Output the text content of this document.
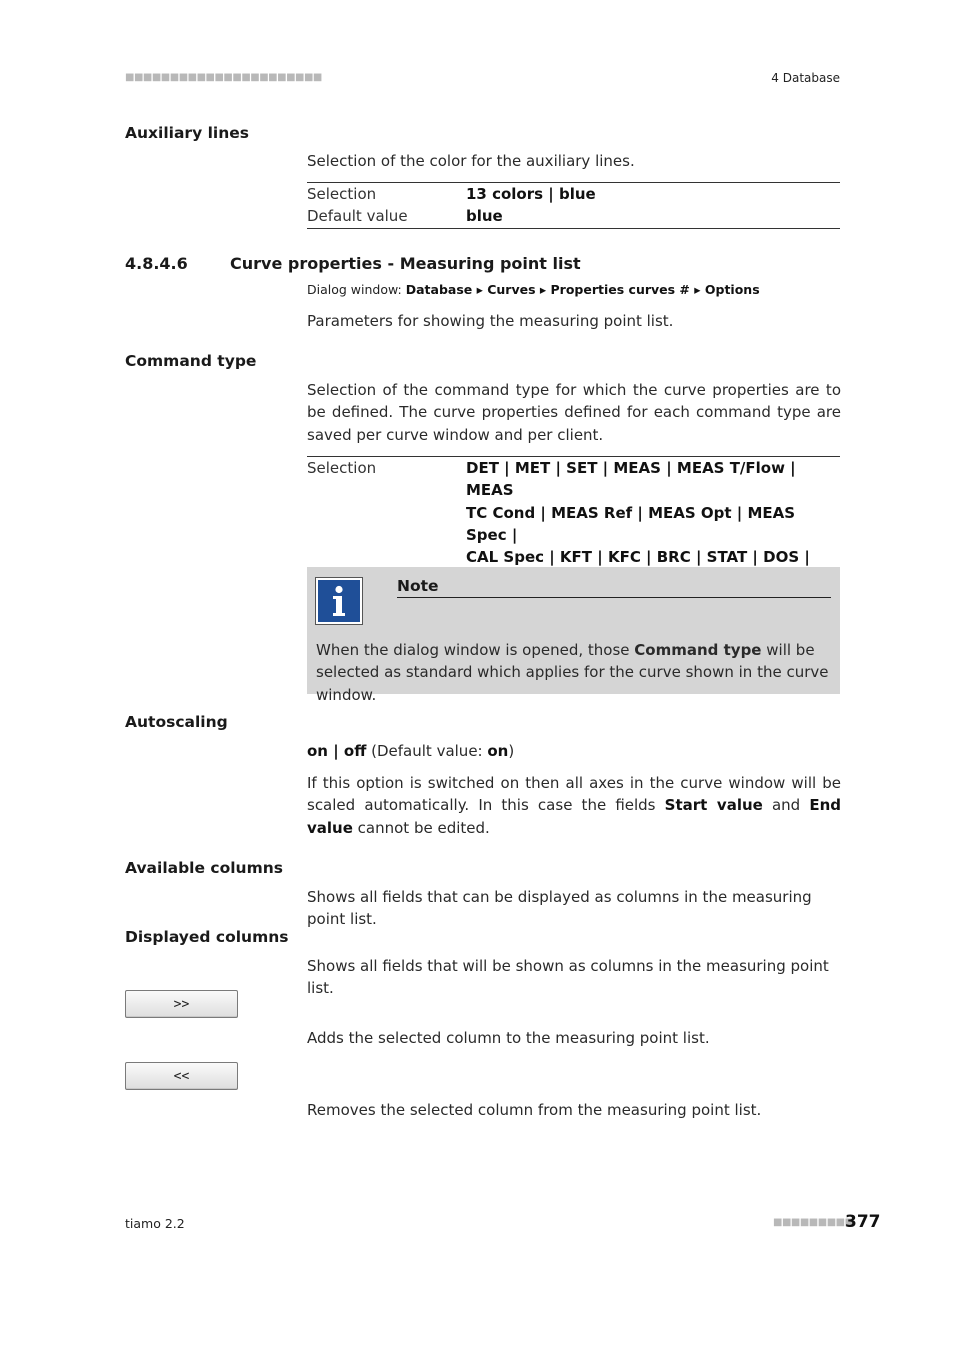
■■■■■■■■■■■■■■■■■■■■■■	4 Database
Auxiliary lines
Selection of the color for the auxiliary lines.
Selection	13 colors | blue
Default value	blue
4.8.4.6	Curve properties - Measuring point list
Dialog window: Database ▸ Curves ▸ Properties curves # ▸ Options
Parameters for showing the measuring point list.
Command type
Selection of the command type for which the curve properties are to be defined. The curve properties defined for each command type are saved per curve window and per client.
Selection	DET | MET | SET | MEAS | MEAS T/Flow | MEAS
TC Cond | MEAS Ref | MEAS Opt | MEAS Spec |
CAL Spec | KFT | KFC | BRC | STAT | DOS |
Note
When the dialog window is opened, those Command type will be selected as standard which applies for the curve shown in the curve window.
Autoscaling
on | off (Default value: on)
If this option is switched on then all axes in the curve window will be scaled automatically. In this case the fields Start value and End value cannot be edited.
Available columns
Shows all fields that can be displayed as columns in the measuring point list.
Displayed columns
Shows all fields that will be shown as columns in the measuring point list.
>>
Adds the selected column to the measuring point list.
<<
Removes the selected column from the measuring point list.
tiamo 2.2	■■■■■■■■■
377
